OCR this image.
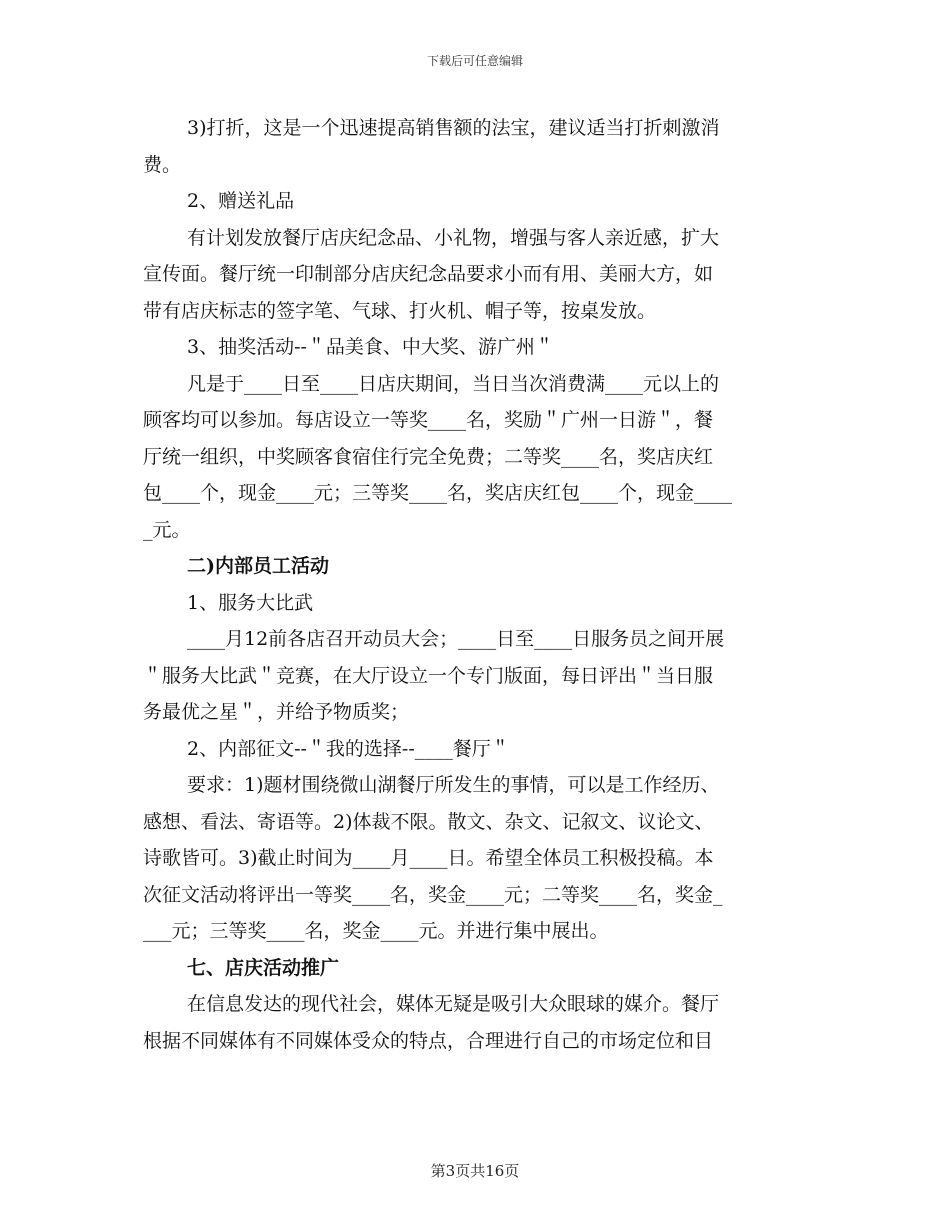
下载后可任意编辑
3)打折，这是一个迅速提高销售额的法宝，建议适当打折刺激消
费。
2、赠送礼品
有计划发放餐厅店庆纪念品、小礼物，增强与客人亲近感，扩大
宣传面。餐厅统一印制部分店庆纪念品要求小而有用、美丽大方，如
带有店庆标志的签字笔、气球、打火机、帽子等，按桌发放。
3、抽奖活动--＂品美食、中大奖、游广州＂
凡是于____日至____日店庆期间，当日当次消费满____元以上的
顾客均可以参加。每店设立一等奖____名，奖励＂广州一日游＂，餐
厅统一组织，中奖顾客食宿住行完全免费；二等奖____名，奖店庆红
包____个，现金____元；三等奖____名，奖店庆红包____个，现金____
_元。
二)内部员工活动
1、服务大比武
____月12前各店召开动员大会；____日至____日服务员之间开展
＂服务大比武＂竞赛，在大厅设立一个专门版面，每日评出＂当日服
务最优之星＂，并给予物质奖；
2、内部征文--＂我的选择--____餐厅＂
要求：1)题材围绕微山湖餐厅所发生的事情，可以是工作经历、
感想、看法、寄语等。2)体裁不限。散文、杂文、记叙文、议论文、
诗歌皆可。3)截止时间为____月____日。希望全体员工积极投稿。本
次征文活动将评出一等奖____名，奖金____元；二等奖____名，奖金_
___元；三等奖____名，奖金____元。并进行集中展出。
七、店庆活动推广
在信息发达的现代社会，媒体无疑是吸引大众眼球的媒介。餐厅
根据不同媒体有不同媒体受众的特点，合理进行自己的市场定位和目
第3页共16页
